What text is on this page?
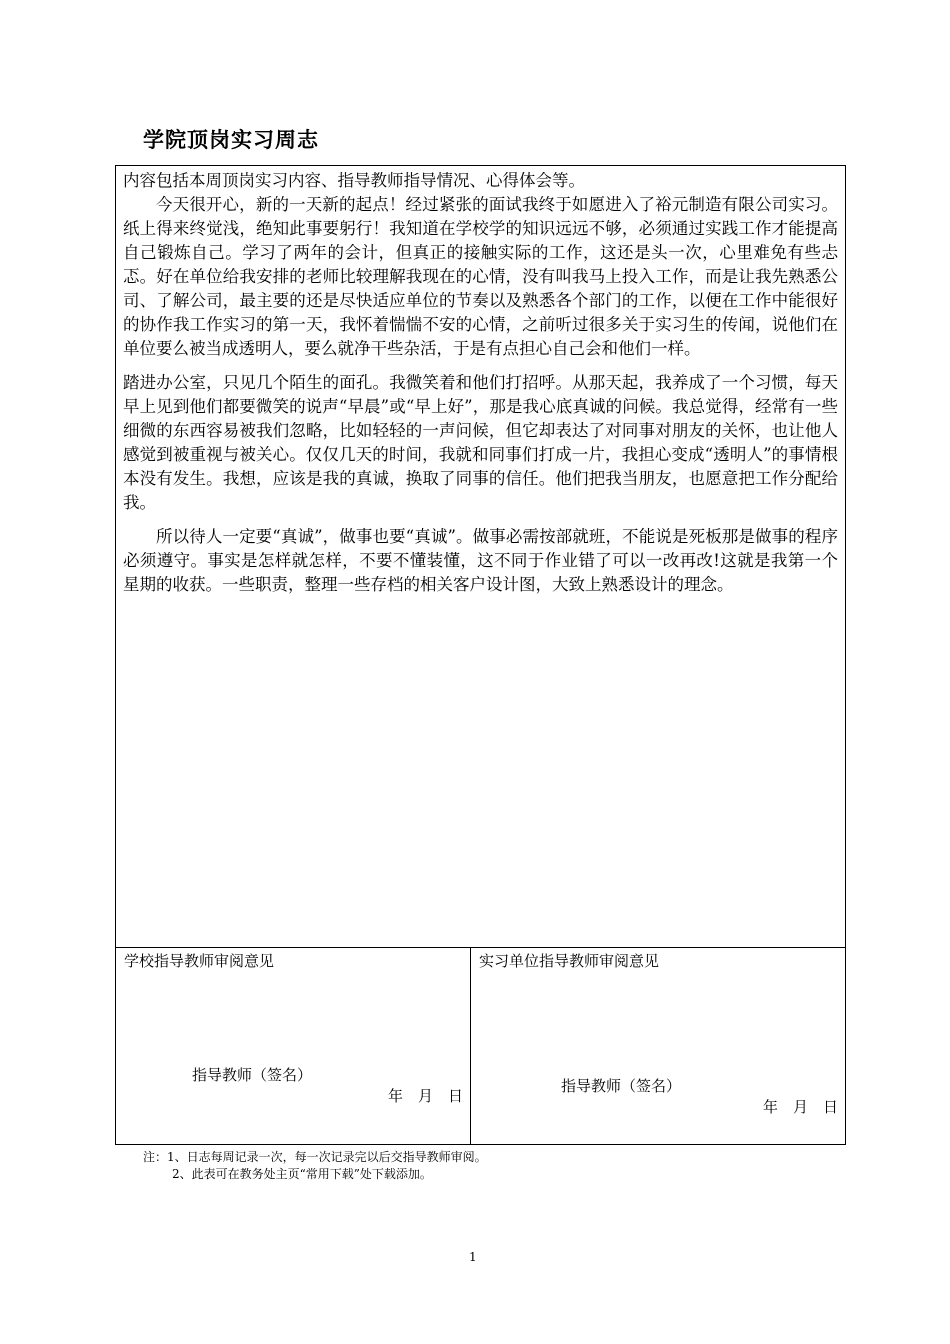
学院顶岗实习周志

内容包括本周顶岗实习内容、指导教师指导情况、心得体会等。

今天很开心，新的一天新的起点！经过紧张的面试我终于如愿进入了裕元制造有限公司实习。纸上得来终觉浅，绝知此事要躬行！我知道在学校学的知识远远不够，必须通过实践工作才能提高自己锻炼自己。学习了两年的会计，但真正的接触实际的工作，这还是头一次，心里难免有些忐忑。好在单位给我安排的老师比较理解我现在的心情，没有叫我马上投入工作，而是让我先熟悉公司、了解公司，最主要的还是尽快适应单位的节奏以及熟悉各个部门的工作，以便在工作中能很好的协作我工作实习的第一天，我怀着惴惴不安的心情，之前听过很多关于实习生的传闻，说他们在单位要么被当成透明人，要么就净干些杂活，于是有点担心自己会和他们一样。

踏进办公室，只见几个陌生的面孔。我微笑着和他们打招呼。从那天起，我养成了一个习惯，每天早上见到他们都要微笑的说声“早晨”或“早上好”，那是我心底真诚的问候。我总觉得，经常有一些细微的东西容易被我们忽略，比如轻轻的一声问候，但它却表达了对同事对朋友的关怀，也让他人感觉到被重视与被关心。仅仅几天的时间，我就和同事们打成一片，我担心变成“透明人”的事情根本没有发生。我想，应该是我的真诚，换取了同事的信任。他们把我当朋友，也愿意把工作分配给我。

所以待人一定要“真诚”，做事也要“真诚”。做事必需按部就班，不能说是死板那是做事的程序必须遵守。事实是怎样就怎样，不要不懂装懂，这不同于作业错了可以一改再改!这就是我第一个星期的收获。一些职责，整理一些存档的相关客户设计图，大致上熟悉设计的理念。

学校指导教师审阅意见
指导教师（签名）
年　月　日
实习单位指导教师审阅意见
指导教师（签名）
年　月　日
注：1、日志每周记录一次，每一次记录完以后交指导教师审阅。
2、此表可在教务处主页“常用下载”处下载添加。
1
